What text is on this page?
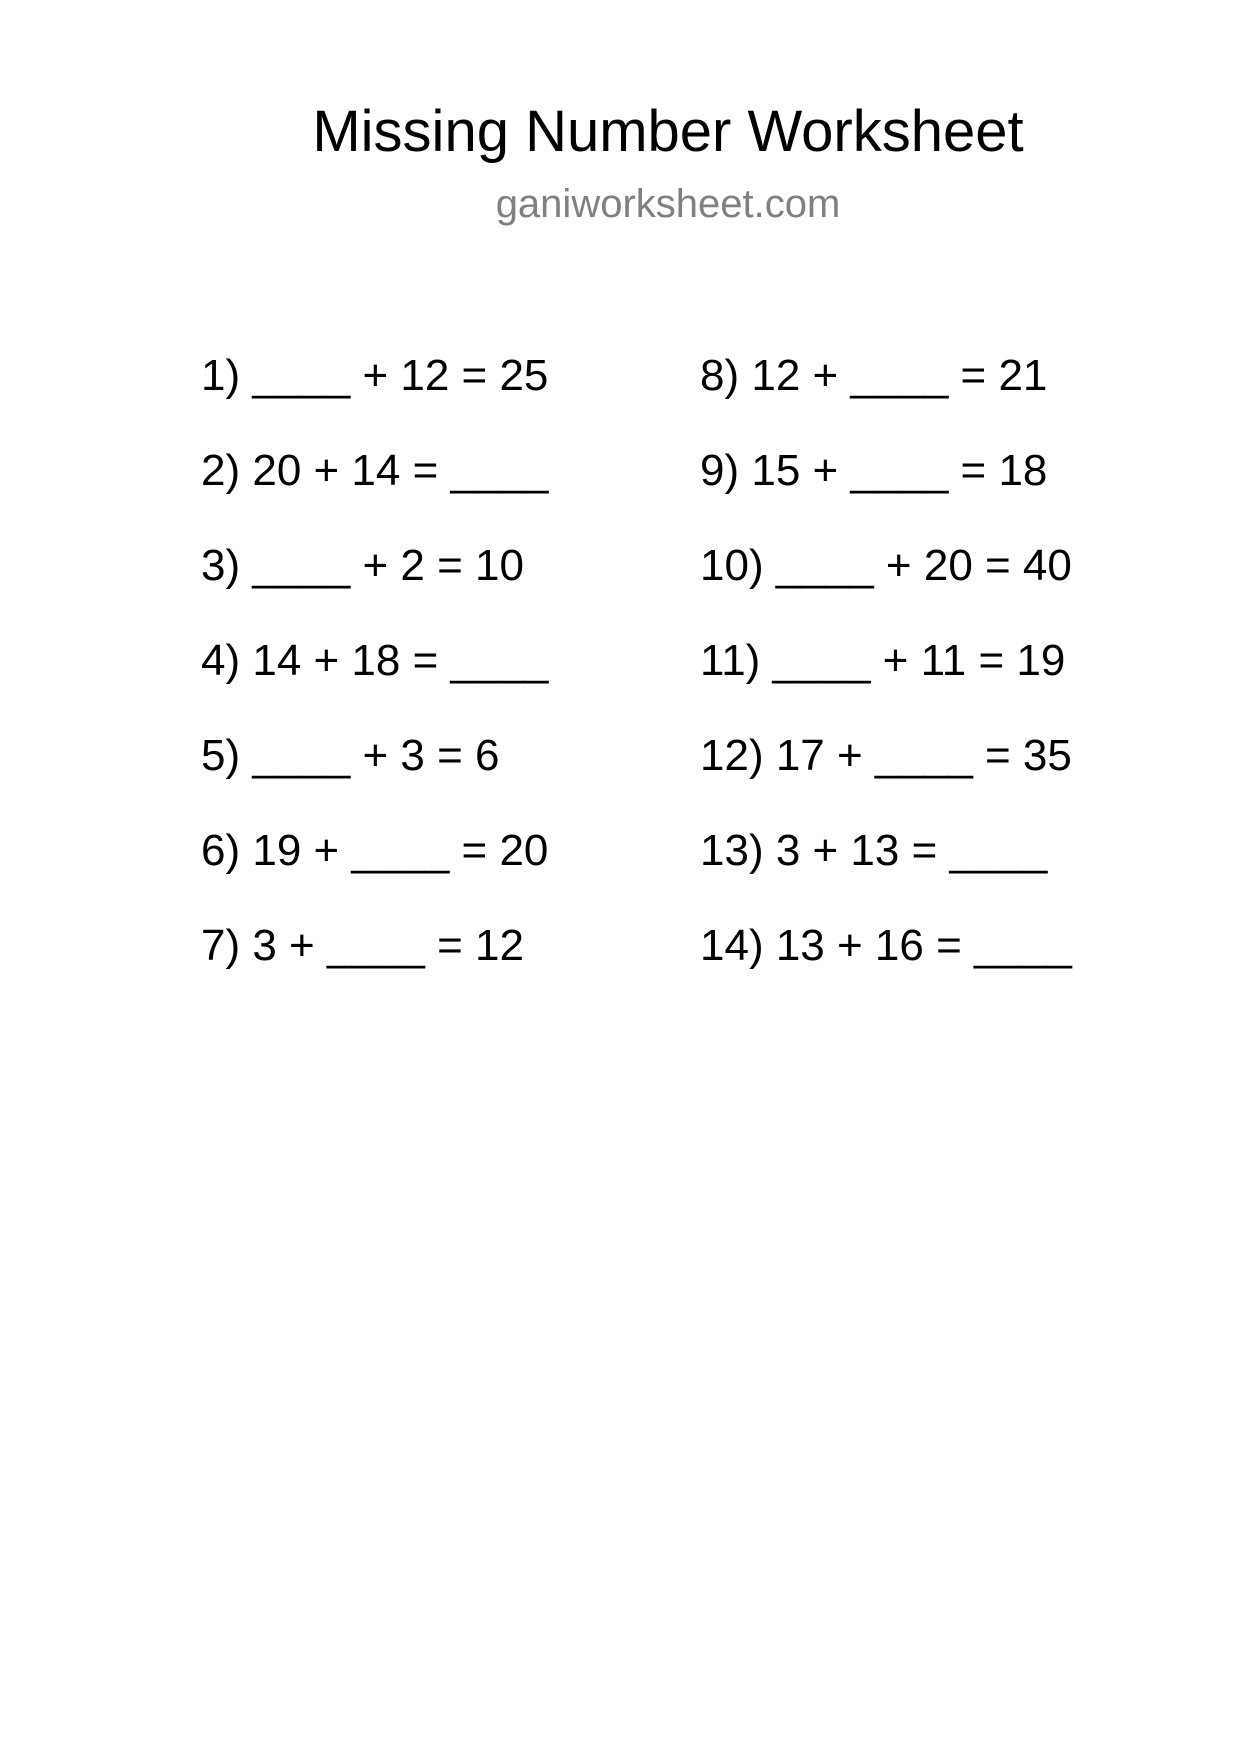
Missing Number Worksheet
ganiworksheet.com
1) ____ + 12 = 25
2) 20 + 14 = ____
3) ____ + 2 = 10
4) 14 + 18 = ____
5) ____ + 3 = 6
6) 19 + ____ = 20
7) 3 + ____ = 12
8) 12 + ____ = 21
9) 15 + ____ = 18
10) ____ + 20 = 40
11) ____ + 11 = 19
12) 17 + ____ = 35
13) 3 + 13 = ____
14) 13 + 16 = ____
